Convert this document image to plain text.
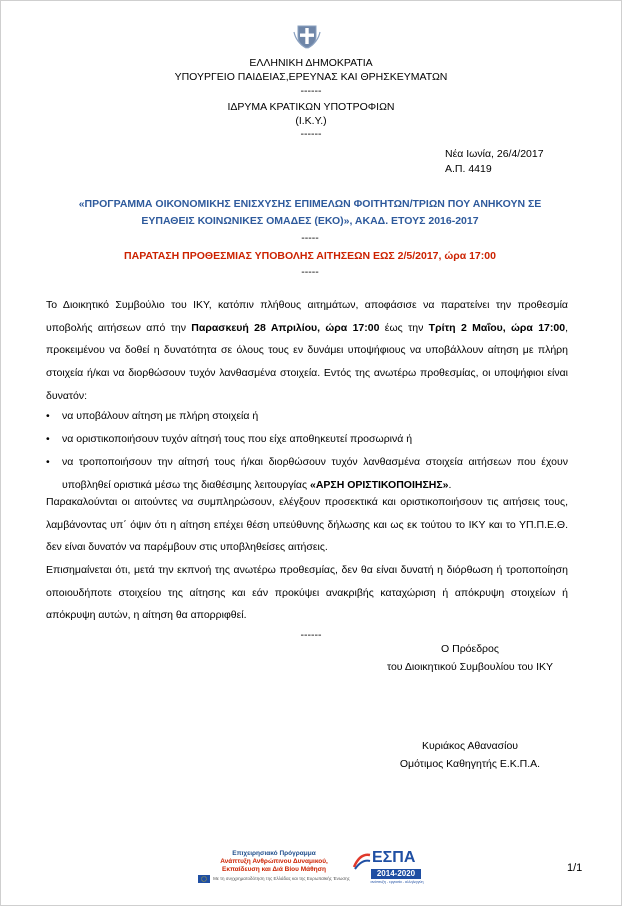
ΕΛΛΗΝΙΚΗ ΔΗΜΟΚΡΑΤΙΑ
ΥΠΟΥΡΓΕΙΟ ΠΑΙΔΕΙΑΣ,ΕΡΕΥΝΑΣ ΚΑΙ ΘΡΗΣΚΕΥΜΑΤΩΝ
------
ΙΔΡΥΜΑ ΚΡΑΤΙΚΩΝ ΥΠΟΤΡΟΦΙΩΝ
(Ι.Κ.Υ.)
------
Νέα Ιωνία, 26/4/2017
Α.Π. 4419
«ΠΡΟΓΡΑΜΜΑ ΟΙΚΟΝΟΜΙΚΗΣ ΕΝΙΣΧΥΣΗΣ ΕΠΙΜΕΛΩΝ ΦΟΙΤΗΤΩΝ/ΤΡΙΩΝ ΠΟΥ ΑΝΗΚΟΥΝ ΣΕ
ΕΥΠΑΘΕΙΣ ΚΟΙΝΩΝΙΚΕΣ ΟΜΑΔΕΣ (ΕΚΟ)», ΑΚΑΔ. ΕΤΟΥΣ 2016-2017
-----
ΠΑΡΑΤΑΣΗ ΠΡΟΘΕΣΜΙΑΣ ΥΠΟΒΟΛΗΣ ΑΙΤΗΣΕΩΝ ΕΩΣ 2/5/2017, ώρα 17:00
-----
Το Διοικητικό Συμβούλιο του ΙΚΥ, κατόπιν πλήθους αιτημάτων, αποφάσισε να παρατείνει την προθεσμία υποβολής αιτήσεων από την Παρασκευή 28 Απριλίου, ώρα 17:00 έως την Τρίτη 2 Μαΐου, ώρα 17:00, προκειμένου να δοθεί η δυνατότητα σε όλους τους εν δυνάμει υποψήφιους να υποβάλλουν αίτηση με πλήρη στοιχεία ή/και να διορθώσουν τυχόν λανθασμένα στοιχεία. Εντός της ανωτέρω προθεσμίας, οι υποψήφιοι είναι δυνατόν:
• να υποβάλουν αίτηση με πλήρη στοιχεία ή
• να οριστικοποιήσουν τυχόν αίτησή τους που είχε αποθηκευτεί προσωρινά ή
• να τροποποιήσουν την αίτησή τους ή/και διορθώσουν τυχόν λανθασμένα στοιχεία αιτήσεων που έχουν υποβληθεί οριστικά μέσω της διαθέσιμης λειτουργίας «ΑΡΣΗ ΟΡΙΣΤΙΚΟΠΟΙΗΣΗΣ».
Παρακαλούνται οι αιτούντες να συμπληρώσουν, ελέγξουν προσεκτικά και οριστικοποιήσουν τις αιτήσεις τους, λαμβάνοντας υπ΄ όψιν ότι η αίτηση επέχει θέση υπεύθυνης δήλωσης και ως εκ τούτου το ΙΚΥ και το ΥΠ.Π.Ε.Θ. δεν είναι δυνατόν να παρέμβουν στις υποβληθείσες αιτήσεις.
Επισημαίνεται ότι, μετά την εκπνοή της ανωτέρω προθεσμίας, δεν θα είναι δυνατή η διόρθωση ή τροποποίηση οποιουδήποτε στοιχείου της αίτησης και εάν προκύψει ανακριβής καταχώριση ή απόκρυψη στοιχείων ή απόκρυψη αυτών, η αίτηση θα απορριφθεί.
------
Ο Πρόεδρος
του Διοικητικού Συμβουλίου του ΙΚΥ
Κυριάκος Αθανασίου
Ομότιμος Καθηγητής Ε.Κ.Π.Α.
Επιχειρησιακό Πρόγραμμα
Ανάπτυξη Ανθρώπινου Δυναμικού,
Εκπαίδευση και Διά Βίου Μάθηση
Με τη συγχρηματοδότηση της Ελλάδας και της Ευρωπαϊκής Ένωσης
ΕΣΠΑ
2014-2020
ανάπτυξη - εργασία - αλληλεγγύη
1/1
